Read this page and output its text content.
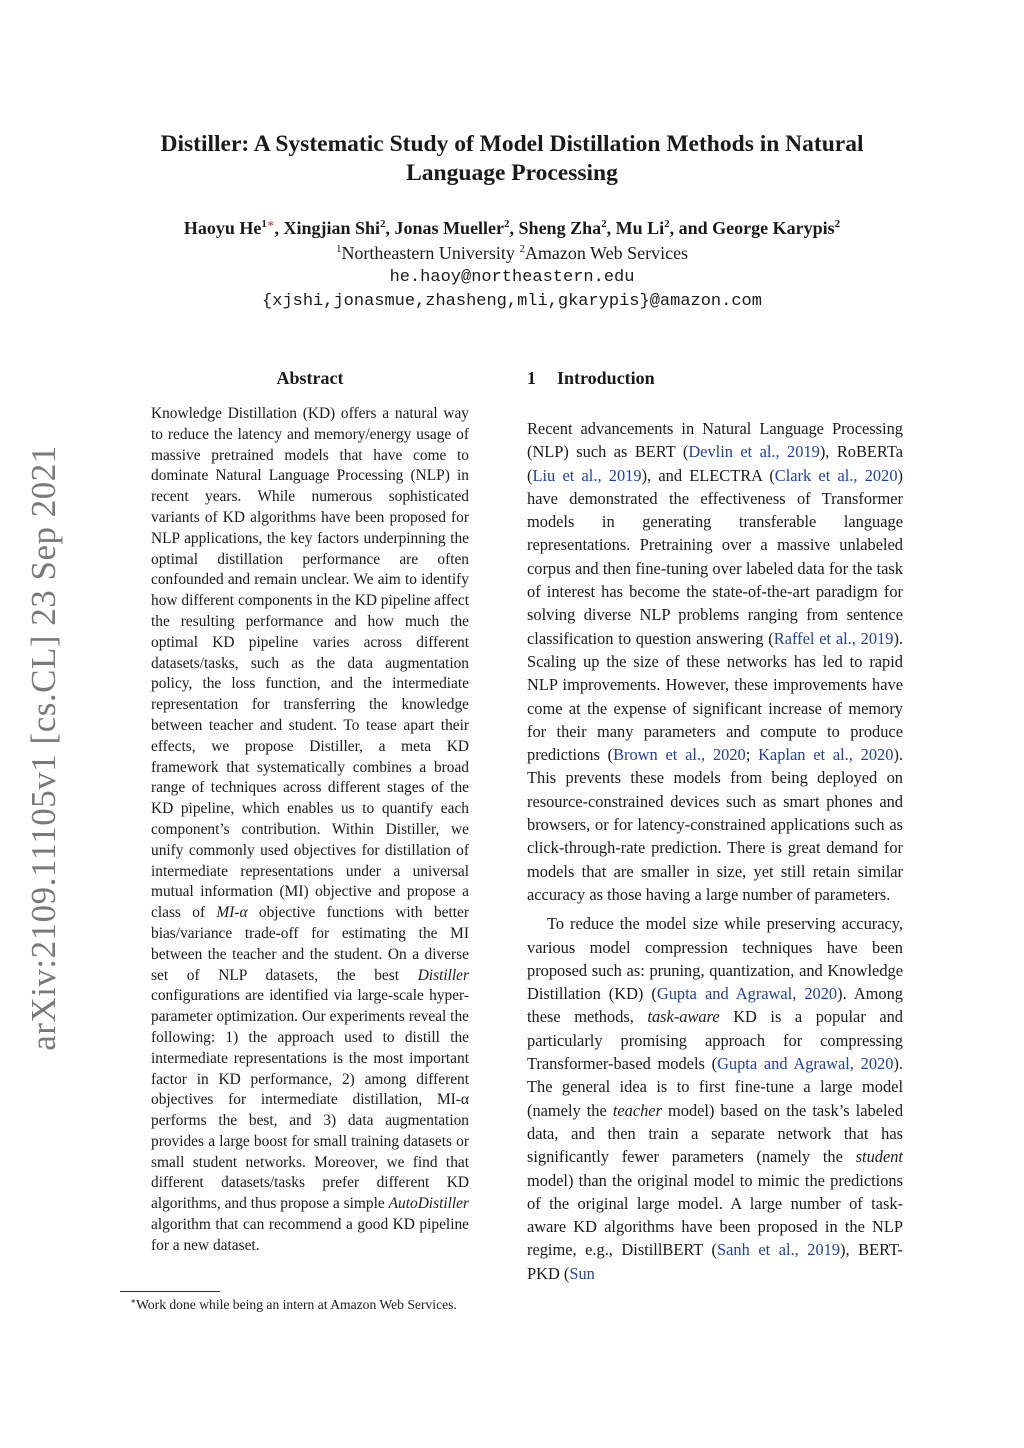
arXiv:2109.11105v1 [cs.CL] 23 Sep 2021
Distiller: A Systematic Study of Model Distillation Methods in Natural
Language Processing
Haoyu $He^{1∗}$, Xingjian Shi$^2$, Jonas Mueller$^2$, Sheng Zha$^2$, Mu Li$^2$, and George Karypis$^2$
$^1$Northeastern University $^2$Amazon Web Services
he.haoy@northeastern.edu
{xjshi,jonasmue,zhasheng,mli,gkarypis}@amazon.com
Abstract

Knowledge Distillation (KD) offers a natural way to reduce the latency and memory/energy usage of massive pretrained models that have come to dominate Natural Language Processing (NLP) in recent years. While numerous sophisticated variants of KD algorithms have been proposed for NLP applications, the key factors underpinning the optimal distillation performance are often confounded and remain unclear. We aim to identify how different components in the KD pipeline affect the resulting performance and how much the optimal KD pipeline varies across different datasets/tasks, such as the data augmentation policy, the loss function, and the intermediate representation for transferring the knowledge between teacher and student. To tease apart their effects, we propose Distiller, a meta KD framework that systematically combines a broad range of techniques across different stages of the KD pipeline, which enables us to quantify each component’s contribution. Within Distiller, we unify commonly used objectives for distillation of intermediate representations under a universal mutual information (MI) objective and propose a class of MI-α objective functions with better bias/variance trade-off for estimating the MI between the teacher and the student. On a diverse set of NLP datasets, the best Distiller configurations are identified via large-scale hyper-parameter optimization. Our experiments reveal the following: 1) the approach used to distill the intermediate representations is the most important factor in KD performance, 2) among different objectives for intermediate distillation, MI-α performs the best, and 3) data augmentation provides a large boost for small training datasets or small student networks. Moreover, we find that different datasets/tasks prefer different KD algorithms, and thus propose a simple AutoDistiller algorithm that can recommend a good KD pipeline for a new dataset.

1 Introduction

Recent advancements in Natural Language Processing (NLP) such as BERT (Devlin et al., 2019), RoBERTa (Liu et al., 2019), and ELECTRA (Clark et al., 2020) have demonstrated the effectiveness of Transformer models in generating transferable language representations. Pretraining over a massive unlabeled corpus and then fine-tuning over labeled data for the task of interest has become the state-of-the-art paradigm for solving diverse NLP problems ranging from sentence classification to question answering (Raffel et al., 2019). Scaling up the size of these networks has led to rapid NLP improvements. However, these improvements have come at the expense of significant increase of memory for their many parameters and compute to produce predictions (Brown et al., 2020; Kaplan et al., 2020). This prevents these models from being deployed on resource-constrained devices such as smart phones and browsers, or for latency-constrained applications such as click-through-rate prediction. There is great demand for models that are smaller in size, yet still retain similar accuracy as those having a large number of parameters.

To reduce the model size while preserving accuracy, various model compression techniques have been proposed such as: pruning, quantization, and Knowledge Distillation (KD) (Gupta and Agrawal, 2020). Among these methods, task-aware KD is a popular and particularly promising approach for compressing Transformer-based models (Gupta and Agrawal, 2020). The general idea is to first fine-tune a large model (namely the teacher model) based on the task’s labeled data, and then train a separate network that has significantly fewer parameters (namely the student model) than the original model to mimic the predictions of the original large model. A large number of task-aware KD algorithms have been proposed in the NLP regime, e.g., DistillBERT (Sanh et al., 2019), BERT-PKD (Sun

∗Work done while being an intern at Amazon Web Services.
